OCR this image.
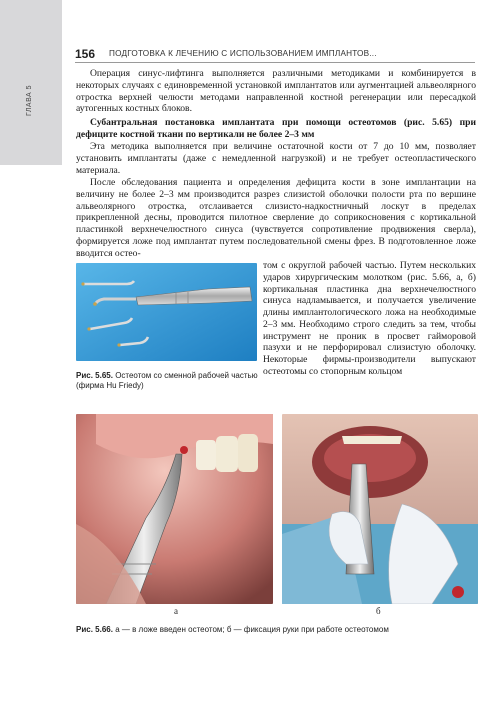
ГЛАВА 5
156 ПОДГОТОВКА К ЛЕЧЕНИЮ С ИСПОЛЬЗОВАНИЕМ ИМПЛАНТОВ...
Операция синус-лифтинга выполняется различными методиками и комбинируется в некоторых случаях с единовременной установкой имплантатов или аугментацией альвеолярного отростка верхней челюсти методами направленной костной регенерации или пересадкой аутогенных костных блоков.
Субантральная постановка имплантата при помощи остеотомов (рис. 5.65) при дефиците костной ткани по вертикали не более 2–3 мм
Эта методика выполняется при величине остаточной кости от 7 до 10 мм, позволяет установить имплантаты (даже с немедленной нагрузкой) и не требует остеопластического материала.
После обследования пациента и определения дефицита кости в зоне имплантации на величину не более 2–3 мм производится разрез слизистой оболочки полости рта по вершине альвеолярного отростка, отслаивается слизисто-надкостничный лоскут в пределах прикрепленной десны, проводится пилотное сверление до соприкосновения с кортикальной пластинкой верхнечелюстного синуса (чувствуется сопротивление продвижения сверла), формируется ложе под имплантат путем последовательной смены фрез. В подготовленное ложе вводится остео-
том с округлой рабочей частью. Путем нескольких ударов хирургическим молотком (рис. 5.66, а, б) кортикальная пластинка дна верхнечелюстного синуса надламывается, и получается увеличение длины имплантологического ложа на необходимые 2–3 мм. Необходимо строго следить за тем, чтобы инструмент не проник в просвет гайморовой пазухи и не перфорировал слизистую оболочку. Некоторые фирмы-производители выпускают остеотомы со стопорным кольцом
Рис. 5.65. Остеотом со сменной рабочей частью (фирма Hu Friedy)
а	б
Рис. 5.66. а — в ложе введен остеотом; б — фиксация руки при работе остеотомом
